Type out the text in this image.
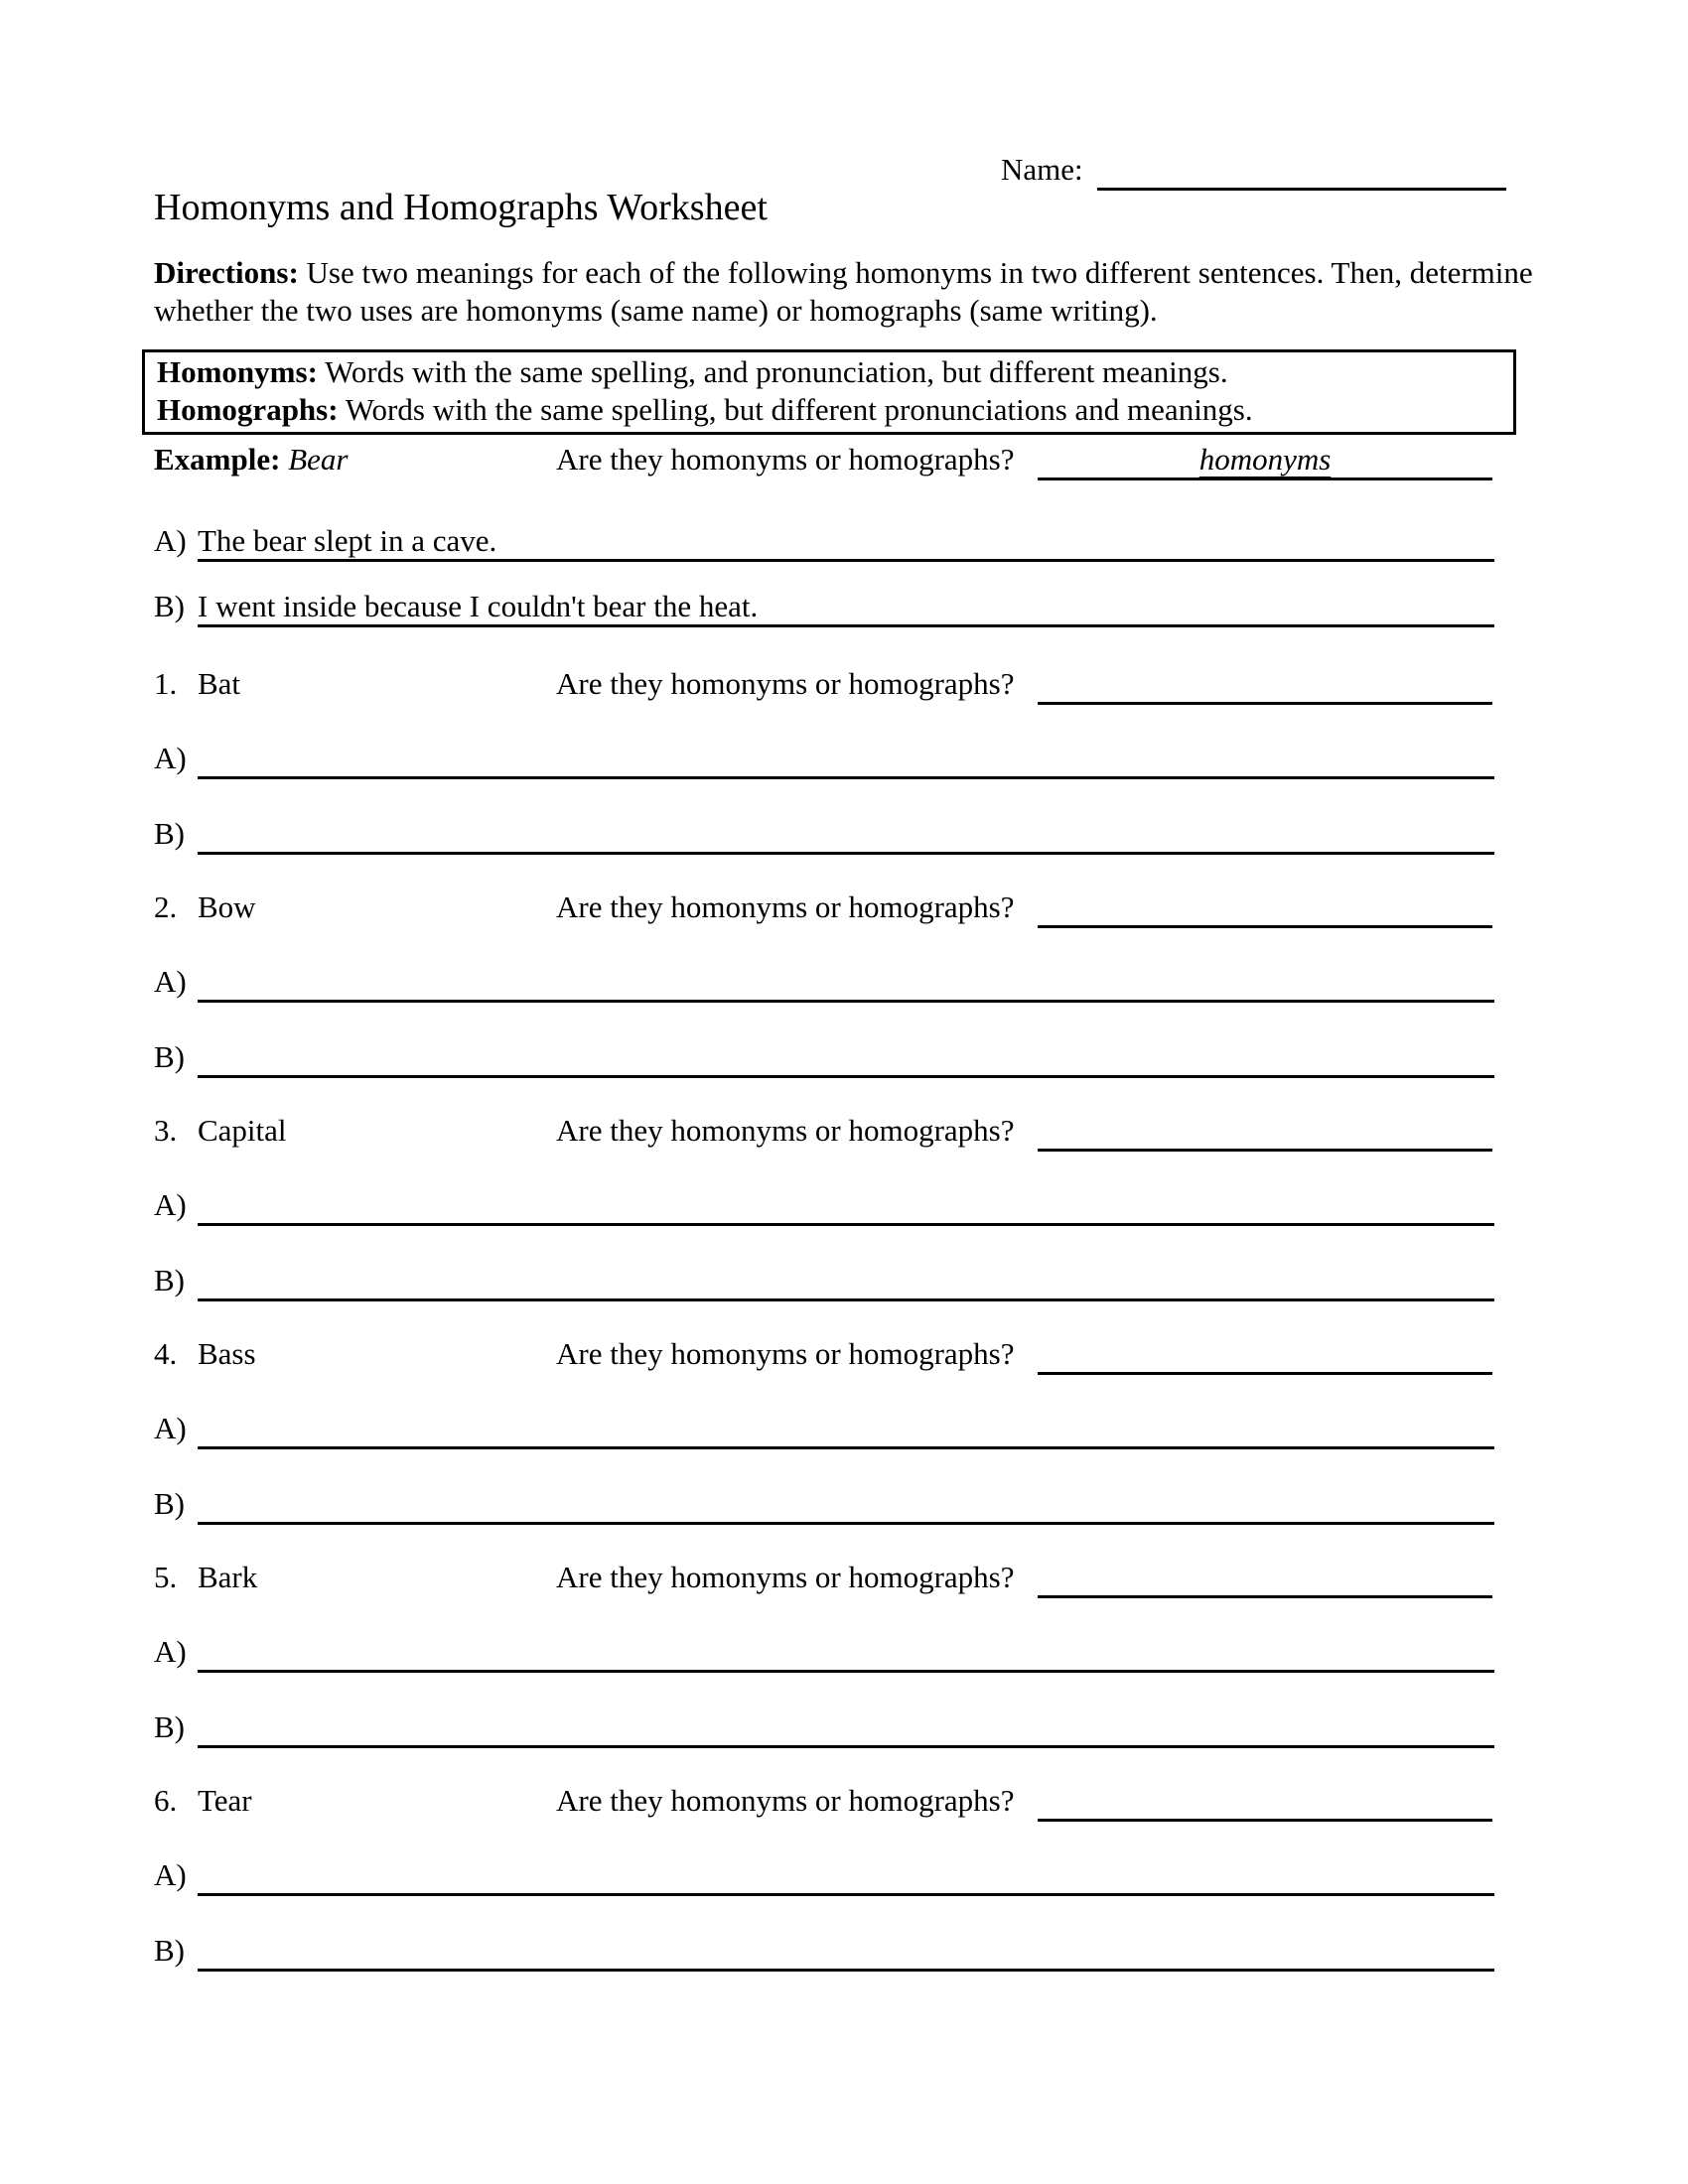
Name:
Homonyms and Homographs Worksheet

Directions: Use two meanings for each of the following homonyms in two different sentences. Then, determine whether the two uses are homonyms (same name) or homographs (same writing).

Homonyms: Words with the same spelling, and pronunciation, but different meanings.

Homographs: Words with the same spelling, but different pronunciations and meanings.

Example: Bear	Are they homonyms or homographs?	homonyms
A) The bear slept in a cave.
B) I went inside because I couldn't bear the heat.
1. Bat	Are they homonyms or homographs?
A)
B)
2. Bow	Are they homonyms or homographs?
A)
B)
3. Capital	Are they homonyms or homographs?
A)
B)
4. Bass	Are they homonyms or homographs?
A)
B)
5. Bark	Are they homonyms or homographs?
A)
B)
6. Tear	Are they homonyms or homographs?
A)
B)
